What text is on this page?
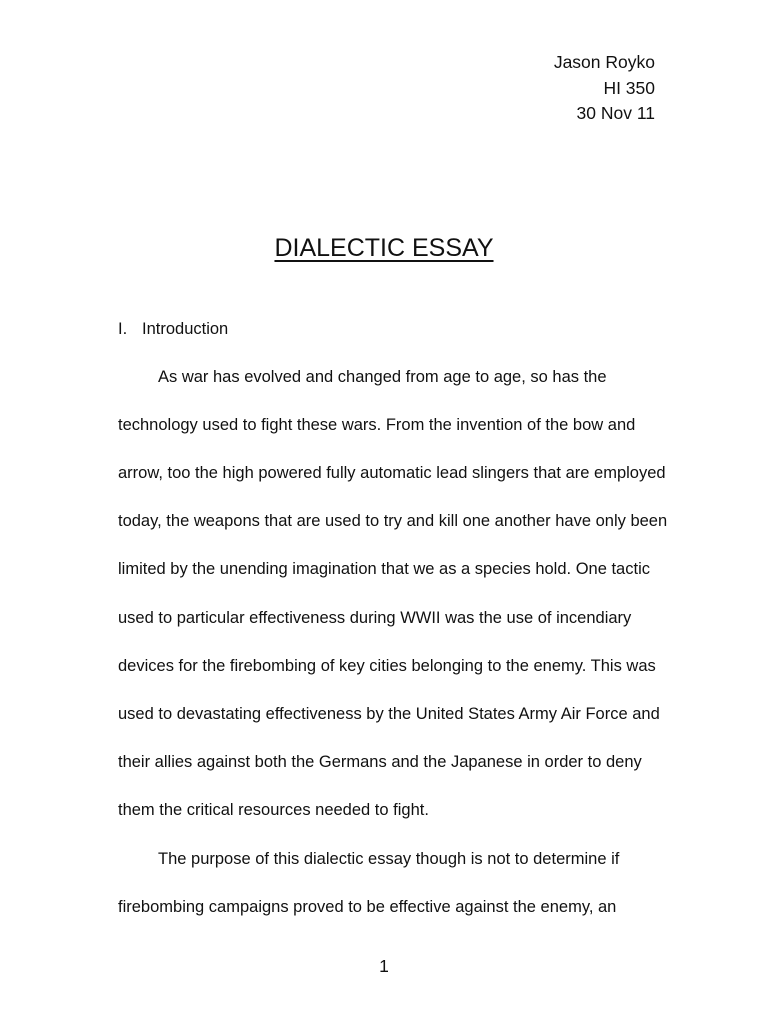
Jason Royko
HI 350
30 Nov 11
DIALECTIC ESSAY
I. Introduction
As war has evolved and changed from age to age, so has the
technology used to fight these wars. From the invention of the bow and
arrow, too the high powered fully automatic lead slingers that are employed
today, the weapons that are used to try and kill one another have only been
limited by the unending imagination that we as a species hold. One tactic
used to particular effectiveness during WWII was the use of incendiary
devices for the firebombing of key cities belonging to the enemy. This was
used to devastating effectiveness by the United States Army Air Force and
their allies against both the Germans and the Japanese in order to deny
them the critical resources needed to fight.
The purpose of this dialectic essay though is not to determine if
firebombing campaigns proved to be effective against the enemy, an
1
